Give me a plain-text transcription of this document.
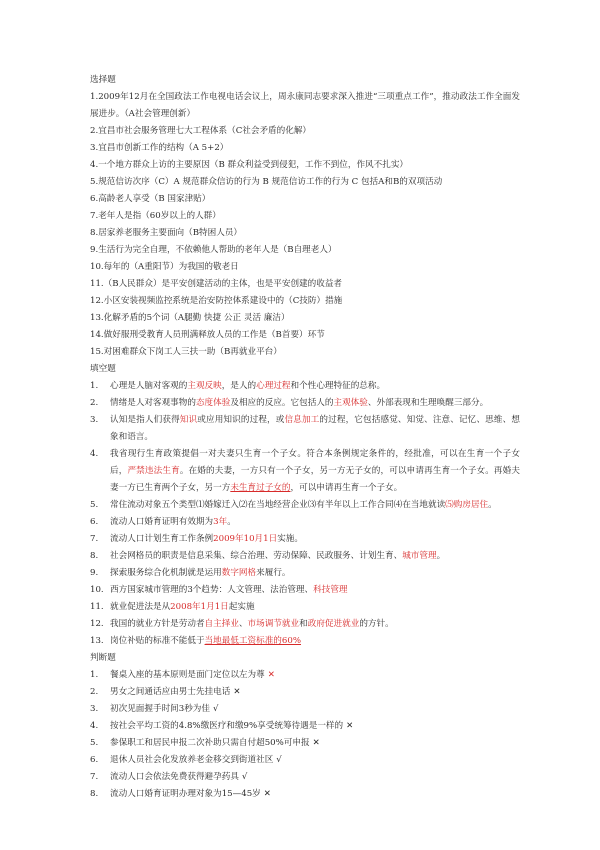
选择题
1.2009年12月在全国政法工作电视电话会议上，周永康同志要求深入推进“三项重点工作”，推动政法工作全面发展进步。（A社会管理创新）
2.宜昌市社会服务管理七大工程体系（C社会矛盾的化解）
3.宜昌市创新工作的结构（A 5+2）
4.一个地方群众上访的主要原因（B 群众利益受到侵犯，工作不到位，作风不扎实）
5.规范信访次序（C）A 规范群众信访的行为 B 规范信访工作的行为 C 包括A和B的双项活动
6.高龄老人享受（B 国家津贴）
7.老年人是指（60岁以上的人群）
8.居家养老服务主要面向（B特困人员）
9.生活行为完全自理，不依赖他人帮助的老年人是（B自理老人）
10.每年的（A重阳节）为我国的敬老日
11.（B人民群众）是平安创建活动的主体，也是平安创建的收益者
12.小区安装视频监控系统是治安防控体系建设中的（C技防）措施
13.化解矛盾的5个词（A腿勤 快捷 公正 灵活 廉洁）
14.做好服刑受教育人员刑满释放人员的工作是（B首要）环节
15.对困难群众下岗工人三扶一助（B再就业平台）
填空题
1.	心理是人脑对客观的主观反映，是人的心理过程和个性心理特征的总称。
2.	情绪是人对客观事物的态度体验及相应的反应。它包括人的主观体验、外部表现和生理唤醒三部分。
3.	认知是指人们获得知识或应用知识的过程，或信息加工的过程，它包括感觉、知觉、注意、记忆、思维、想象和语言。
4.	我省现行生育政策提倡一对夫妻只生育一个子女。符合本条例规定条件的，经批准，可以在生育一个子女后，严禁违法生育。在婚的夫妻，一方只有一个子女，另一方无子女的，可以申请再生育一个子女。再婚夫妻一方已生育两个子女，另一方未生育过子女的，可以申请再生育一个子女。
5.	常住流动对象五个类型⑴婚嫁迁入⑵在当地经营企业⑶有半年以上工作合同⑷在当地就读⑸购房居住。
6.	流动人口婚育证明有效期为3年。
7.	流动人口计划生育工作条例2009年10月1日实施。
8.	社会网格员的职责是信息采集、综合治理、劳动保障、民政服务、计划生育、城市管理。
9.	探索服务综合化机制就是运用数字网格来履行。
10. 西方国家城市管理的3个趋势：人文管理、法治管理、科技管理
11. 就业促进法是从2008年1月1日起实施
12. 我国的就业方针是劳动者自主择业、市场调节就业和政府促进就业的方针。
13. 岗位补贴的标准不能低于当地最低工资标准的60%
判断题
1.	餐桌入座的基本原则是面门定位以左为尊 ✕
2.	男女之间通话应由男士先挂电话 ✕
3.	初次见面握手时间3秒为佳 √
4.	按社会平均工资的4.8%缴医疗和缴9%享受统筹待遇是一样的 ✕
5.	参保职工和居民申报二次补助只需自付超50%可申报 ✕
6.	退休人员社会化发放养老金移交到街道社区 √
7.	流动人口会依法免费获得避孕药具 √
8.	流动人口婚育证明办理对象为15—45岁 ✕
